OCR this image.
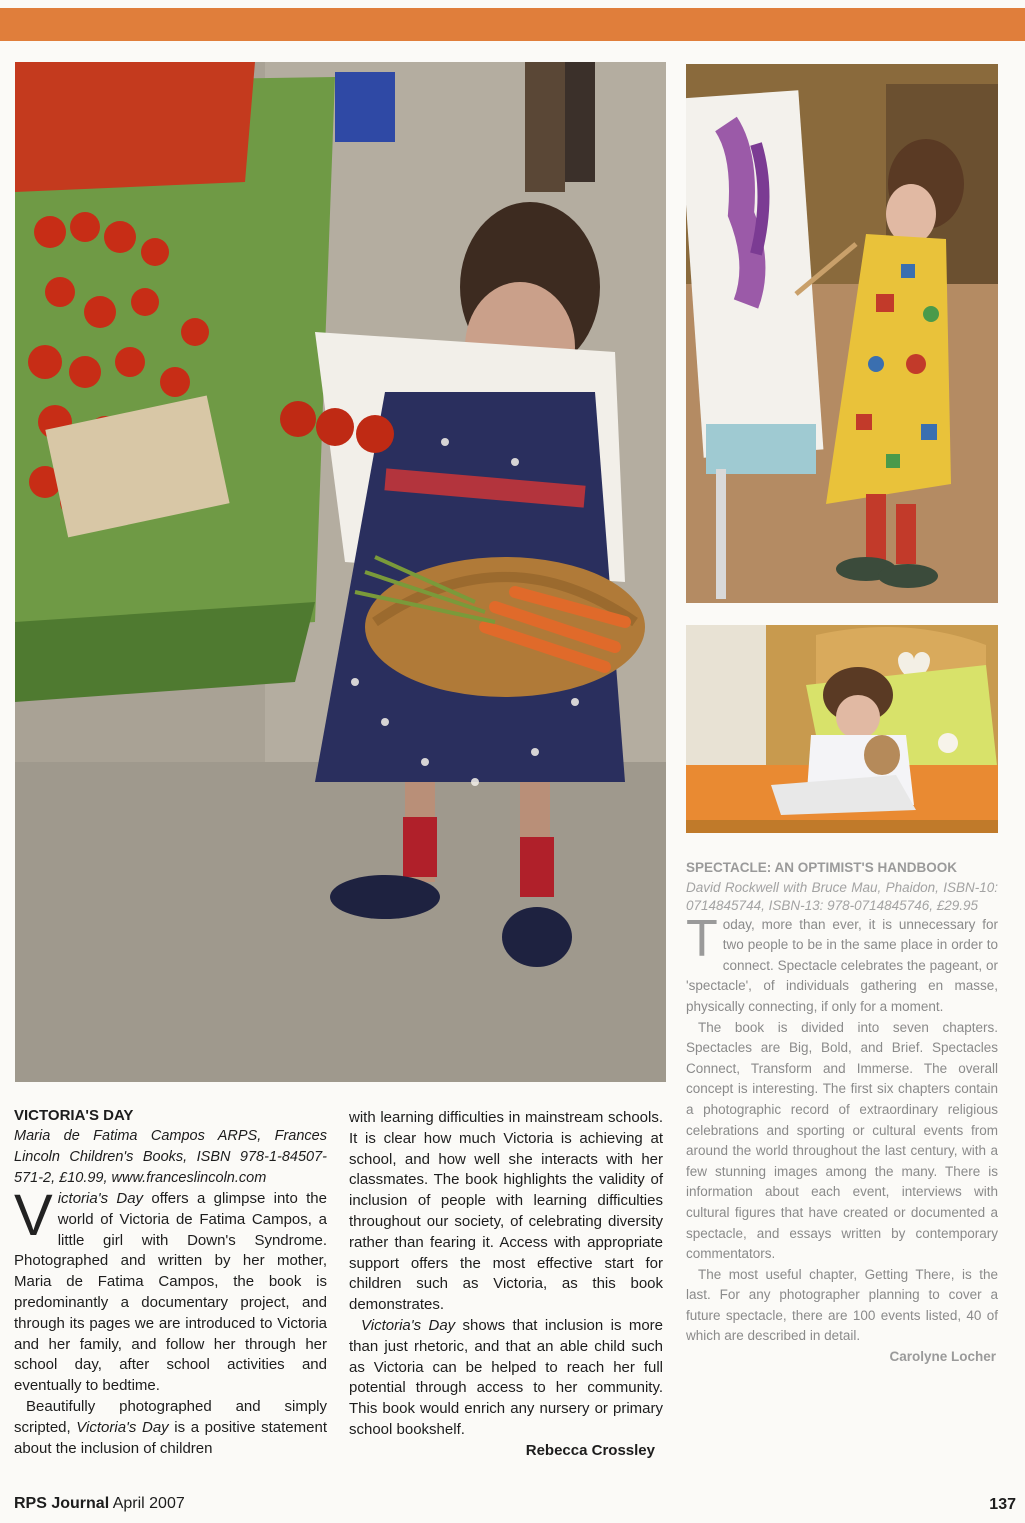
VICTORIA'S DAY

Maria de Fatima Campos ARPS, Frances Lincoln Children's Books, ISBN 978-1-84507-571-2, £10.99, www.franceslincoln.com

Victoria's Day offers a glimpse into the world of Victoria de Fatima Campos, a little girl with Down's Syndrome. Photographed and written by her mother, Maria de Fatima Campos, the book is predominantly a documentary project, and through its pages we are introduced to Victoria and her family, and follow her through her school day, after school activities and eventually to bedtime.

Beautifully photographed and simply scripted, Victoria's Day is a positive statement about the inclusion of children

with learning difficulties in mainstream schools. It is clear how much Victoria is achieving at school, and how well she interacts with her classmates. The book highlights the validity of inclusion of people with learning difficulties throughout our society, of celebrating diversity rather than fearing it. Access with appropriate support offers the most effective start for children such as Victoria, as this book demonstrates.

Victoria's Day shows that inclusion is more than just rhetoric, and that an able child such as Victoria can be helped to reach her full potential through access to her community. This book would enrich any nursery or primary school bookshelf.

Rebecca Crossley

SPECTACLE: AN OPTIMIST'S HANDBOOK

David Rockwell with Bruce Mau, Phaidon, ISBN-10: 0714845744, ISBN-13: 978-0714845746, £29.95

Today, more than ever, it is unnecessary for two people to be in the same place in order to connect. Spectacle celebrates the pageant, or 'spectacle', of individuals gathering en masse, physically connecting, if only for a moment.

The book is divided into seven chapters. Spectacles are Big, Bold, and Brief. Spectacles Connect, Transform and Immerse. The overall concept is interesting. The first six chapters contain a photographic record of extraordinary religious celebrations and sporting or cultural events from around the world throughout the last century, with a few stunning images among the many. There is information about each event, interviews with cultural figures that have created or documented a spectacle, and essays written by contemporary commentators.

The most useful chapter, Getting There, is the last. For any photographer planning to cover a future spectacle, there are 100 events listed, 40 of which are described in detail.

Carolyne Locher

RPS Journal April 2007	137
